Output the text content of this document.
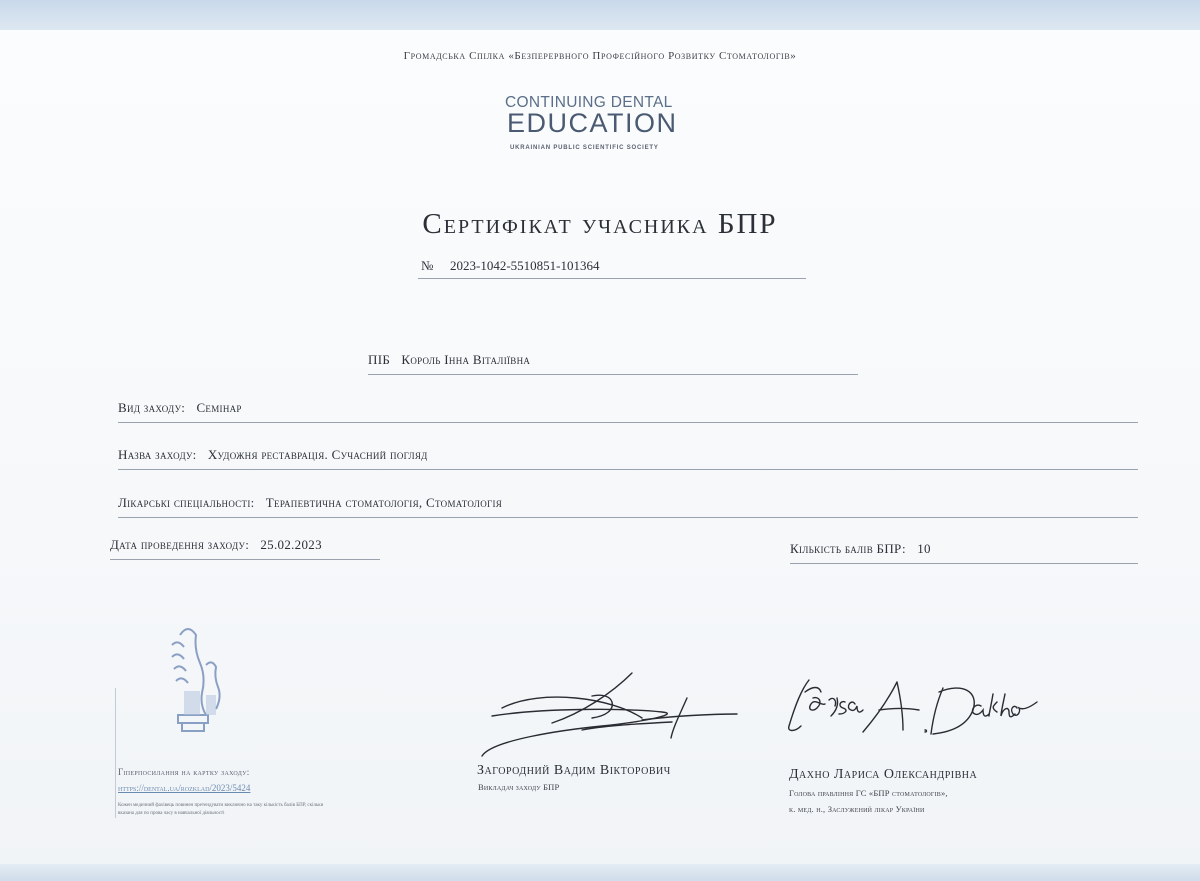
Громадська Спілка «Безперервного Професійного Розвитку Стоматологів»
CONTINUING DENTAL
EDUCATION
UKRAINIAN PUBLIC SCIENTIFIC SOCIETY
Сертифікат учасника БПР
№ 2023-1042-5510851-101364
ПІБ Король Інна Віталіївна
Вид заходу: Семінар
Назва заходу: Художня реставрація. Сучасний погляд
Лікарські спеціальності: Терапевтична стоматологія, Стоматологія
Дата проведення заходу: 25.02.2023	Кількість балів БПР: 10
Гіперпосилання на картку заходу:
https://dental.ua/rozklad/2023/5424
Кожен медичний фахівець повинен претендувати виключно на таку кількість балів БПР, скільки вказана для по прова часу в навчальної діяльності
Загородний Вадим Вікторович
Викладач заходу БПР
Дахно Лариса Олександрівна
Голова правління ГС «БПР стоматологів»,
к. мед. н., Заслужений лікар України
